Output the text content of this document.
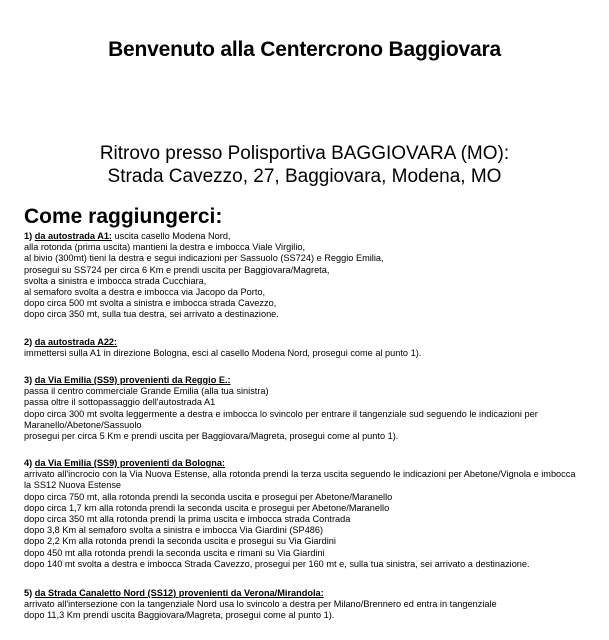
Benvenuto alla Centercrono Baggiovara
Ritrovo presso Polisportiva BAGGIOVARA (MO):
Strada Cavezzo, 27, Baggiovara, Modena, MO
Come raggiungerci:
1) da autostrada A1: uscita casello Modena Nord,
alla rotonda (prima uscita) mantieni la destra e imbocca Viale Virgilio,
al bivio (300mt) tieni la destra e segui indicazioni per Sassuolo (SS724) e Reggio Emilia,
prosegui su SS724 per circa 6 Km e prendi uscita per Baggiovara/Magreta,
svolta a sinistra e imbocca strada Cucchiara,
al semaforo svolta a destra e imbocca via Jacopo da Porto,
dopo circa 500 mt svolta a sinistra e imbocca strada Cavezzo,
dopo circa 350 mt, sulla tua destra, sei arrivato a destinazione.
2) da autostrada A22:
immettersi sulla A1 in direzione Bologna, esci al casello Modena Nord, prosegui come al punto 1).
3) da Via Emilia (SS9) provenienti da Reggio E.:
passa il centro commerciale Grande Emilia (alla tua sinistra)
passa oltre il sottopassaggio dell'autostrada A1
dopo circa 300 mt svolta leggermente a destra e imbocca lo svincolo per entrare il tangenziale sud seguendo le indicazioni per
Maranello/Abetone/Sassuolo
prosegui per circa 5 Km e prendi uscita per Baggiovara/Magreta, prosegui come al punto 1).
4) da Via Emilia (SS9) provenienti da Bologna:
arrivato all'incrocio con la Via Nuova Estense, alla rotonda prendi la terza uscita seguendo le indicazioni per Abetone/Vignola e imbocca
la SS12 Nuova Estense
dopo circa 750 mt, alla rotonda prendi la seconda uscita e prosegui per Abetone/Maranello
dopo circa 1,7 km alla rotonda prendi la seconda uscita e prosegui per Abetone/Maranello
dopo circa 350 mt alla rotonda prendi la prima uscita e imbocca strada Contrada
dopo 3,8 Km al semaforo svolta a sinistra e imbocca Via Giardini (SP486)
dopo 2,2 Km alla rotonda prendi la seconda uscita e prosegui su Via Giardini
dopo 450 mt alla rotonda prendi la seconda uscita e rimani su Via Giardini
dopo 140 mt svolta a destra e imbocca Strada Cavezzo, prosegui per 160 mt e, sulla tua sinistra, sei arrivato a destinazione.
5) da Strada Canaletto Nord (SS12) provenienti da Verona/Mirandola:
arrivato all'intersezione con la tangenziale Nord usa lo svincolo a destra per Milano/Brennero ed entra in tangenziale
dopo 11,3 Km prendi uscita Baggiovara/Magreta, prosegui come al punto 1).
